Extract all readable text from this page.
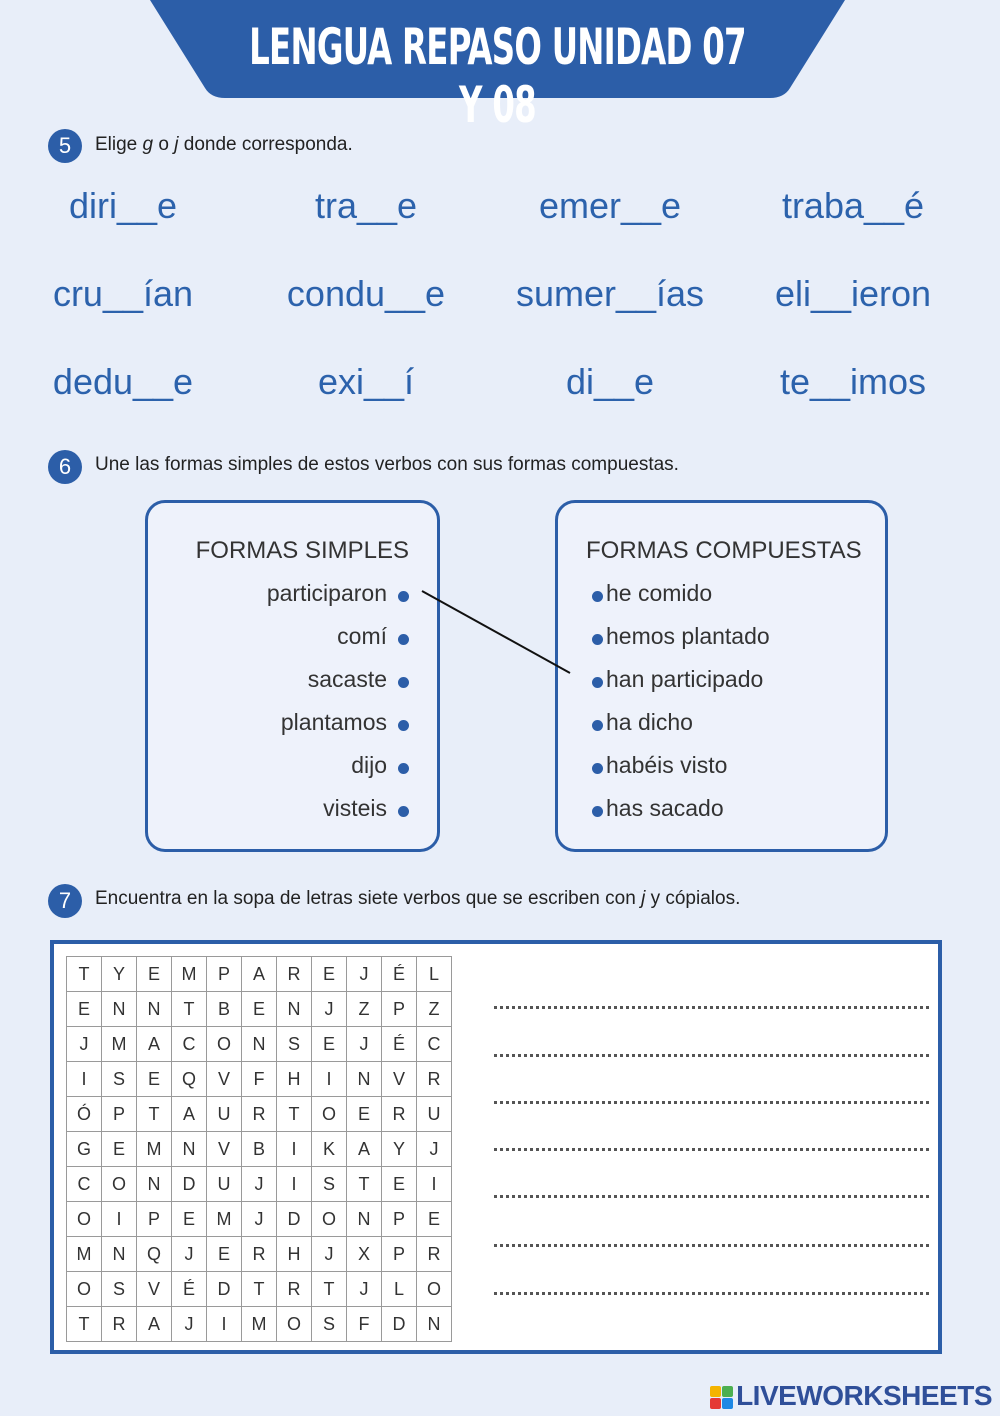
LENGUA REPASO UNIDAD 07 Y 08
5	Elige g o j donde corresponda.
diri__e	tra__e	emer__e	traba__é
cru__ían	condu__e	sumer__ías	eli__ieron
dedu__e	exi__í	di__e	te__imos
6	Une las formas simples de estos verbos con sus formas compuestas.
FORMAS SIMPLES
participaron
comí
sacaste
plantamos
dijo
visteis
FORMAS COMPUESTAS
he comido
hemos plantado
han participado
ha dicho
habéis visto
has sacado
7	Encuentra en la sopa de letras siete verbos que se escriben con j y cópialos.
T	Y	E	M	P	A	R	E	J	É	L
E	N	N	T	B	E	N	J	Z	P	Z
J	M	A	C	O	N	S	E	J	É	C
I	S	E	Q	V	F	H	I	N	V	R
Ó	P	T	A	U	R	T	O	E	R	U
G	E	M	N	V	B	I	K	A	Y	J
C	O	N	D	U	J	I	S	T	E	I
O	I	P	E	M	J	D	O	N	P	E
M	N	Q	J	E	R	H	J	X	P	R
O	S	V	É	D	T	R	T	J	L	O
T	R	A	J	I	M	O	S	F	D	N
LIVEWORKSHEETS
